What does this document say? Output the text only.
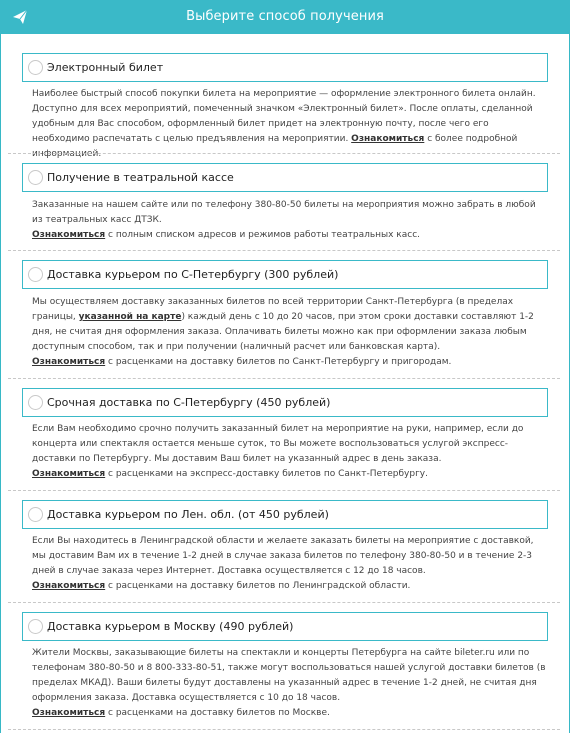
Выберите способ получения
Электронный билет
Наиболее быстрый способ покупки билета на мероприятие — оформление электронного билета онлайн. Доступно для всех мероприятий, помеченный значком «Электронный билет». После оплаты, сделанной удобным для Вас способом, оформленный билет придет на электронную почту, после чего его необходимо распечатать с целью предъявления на мероприятии. Ознакомиться с более подробной информацией.
Получение в театральной кассе
Заказанные на нашем сайте или по телефону 380-80-50 билеты на мероприятия можно забрать в любой из театральных касс ДТЗК.
Ознакомиться с полным списком адресов и режимов работы театральных касс.
Доставка курьером по С-Петербургу (300 рублей)
Мы осуществляем доставку заказанных билетов по всей территории Санкт-Петербурга (в пределах границы, указанной на карте) каждый день с 10 до 20 часов, при этом сроки доставки составляют 1-2 дня, не считая дня оформления заказа. Оплачивать билеты можно как при оформлении заказа любым доступным способом, так и при получении (наличный расчет или банковская карта).
Ознакомиться с расценками на доставку билетов по Санкт-Петербургу и пригородам.
Срочная доставка по С-Петербургу (450 рублей)
Если Вам необходимо срочно получить заказанный билет на мероприятие на руки, например, если до концерта или спектакля остается меньше суток, то Вы можете воспользоваться услугой экспресс-доставки по Петербургу. Мы доставим Ваш билет на указанный адрес в день заказа.
Ознакомиться с расценками на экспресс-доставку билетов по Санкт-Петербургу.
Доставка курьером по Лен. обл. (от 450 рублей)
Если Вы находитесь в Ленинградской области и желаете заказать билеты на мероприятие с доставкой, мы доставим Вам их в течение 1-2 дней в случае заказа билетов по телефону 380-80-50 и в течение 2-3 дней в случае заказа через Интернет. Доставка осуществляется с 12 до 18 часов.
Ознакомиться с расценками на доставку билетов по Ленинградской области.
Доставка курьером в Москву (490 рублей)
Жители Москвы, заказывающие билеты на спектакли и концерты Петербурга на сайте bileter.ru или по телефонам 380-80-50 и 8 800-333-80-51, также могут воспользоваться нашей услугой доставки билетов (в пределах МКАД). Ваши билеты будут доставлены на указанный адрес в течение 1-2 дней, не считая дня оформления заказа. Доставка осуществляется с 10 до 18 часов.
Ознакомиться с расценками на доставку билетов по Москве.
